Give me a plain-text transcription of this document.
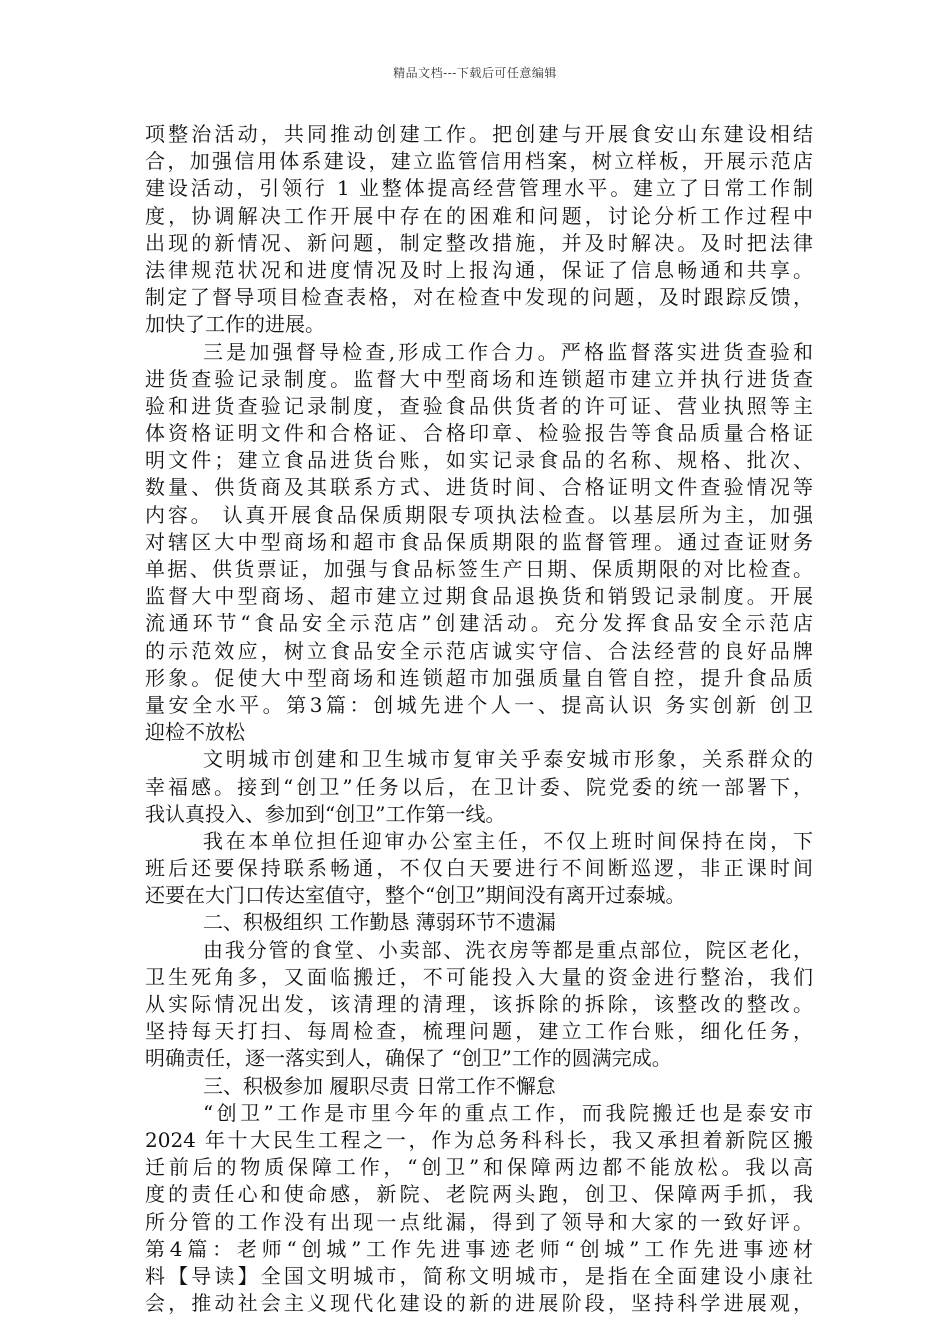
精品文档---下载后可任意编辑
项整治活动，共同推动创建工作。把创建与开展食安山东建设相结
合，加强信用体系建设，建立监管信用档案，树立样板，开展示范店
建设活动，引领行 1 业整体提高经营管理水平。建立了日常工作制
度，协调解决工作开展中存在的困难和问题，讨论分析工作过程中
出现的新情况、新问题，制定整改措施，并及时解决。及时把法律
法律规范状况和进度情况及时上报沟通，保证了信息畅通和共享。
制定了督导项目检查表格，对在检查中发现的问题，及时跟踪反馈，
加快了工作的进展。
三是加强督导检查,形成工作合力。严格监督落实进货查验和
进货查验记录制度。监督大中型商场和连锁超市建立并执行进货查
验和进货查验记录制度，查验食品供货者的许可证、营业执照等主
体资格证明文件和合格证、合格印章、检验报告等食品质量合格证
明文件；建立食品进货台账，如实记录食品的名称、规格、批次、
数量、供货商及其联系方式、进货时间、合格证明文件查验情况等
内容。 认真开展食品保质期限专项执法检查。以基层所为主，加强
对辖区大中型商场和超市食品保质期限的监督管理。通过查证财务
单据、供货票证，加强与食品标签生产日期、保质期限的对比检查。
监督大中型商场、超市建立过期食品退换货和销毁记录制度。开展
流通环节“食品安全示范店”创建活动。充分发挥食品安全示范店
的示范效应，树立食品安全示范店诚实守信、合法经营的良好品牌
形象。促使大中型商场和连锁超市加强质量自管自控，提升食品质
量安全水平。第3篇：创城先进个人一、提高认识 务实创新 创卫
迎检不放松
文明城市创建和卫生城市复审关乎泰安城市形象，关系群众的
幸福感。接到“创卫”任务以后，在卫计委、院党委的统一部署下，
我认真投入、参加到“创卫”工作第一线。
我在本单位担任迎审办公室主任，不仅上班时间保持在岗，下
班后还要保持联系畅通，不仅白天要进行不间断巡逻，非正课时间
还要在大门口传达室值守，整个“创卫”期间没有离开过泰城。
二、积极组织 工作勤恳 薄弱环节不遗漏
由我分管的食堂、小卖部、洗衣房等都是重点部位，院区老化，
卫生死角多，又面临搬迁，不可能投入大量的资金进行整治，我们
从实际情况出发，该清理的清理，该拆除的拆除，该整改的整改。
坚持每天打扫、每周检查，梳理问题，建立工作台账，细化任务，
明确责任，逐一落实到人，确保了 “创卫”工作的圆满完成。
三、积极参加 履职尽责 日常工作不懈怠
“创卫”工作是市里今年的重点工作，而我院搬迁也是泰安市
2024 年十大民生工程之一，作为总务科科长，我又承担着新院区搬
迁前后的物质保障工作，“创卫”和保障两边都不能放松。我以高
度的责任心和使命感，新院、老院两头跑，创卫、保障两手抓，我
所分管的工作没有出现一点纰漏，得到了领导和大家的一致好评。
第4篇：老师“创城”工作先进事迹老师“创城”工作先进事迹材
料【导读】全国文明城市，简称文明城市，是指在全面建设小康社
会，推动社会主义现代化建设的新的进展阶段，坚持科学进展观，
